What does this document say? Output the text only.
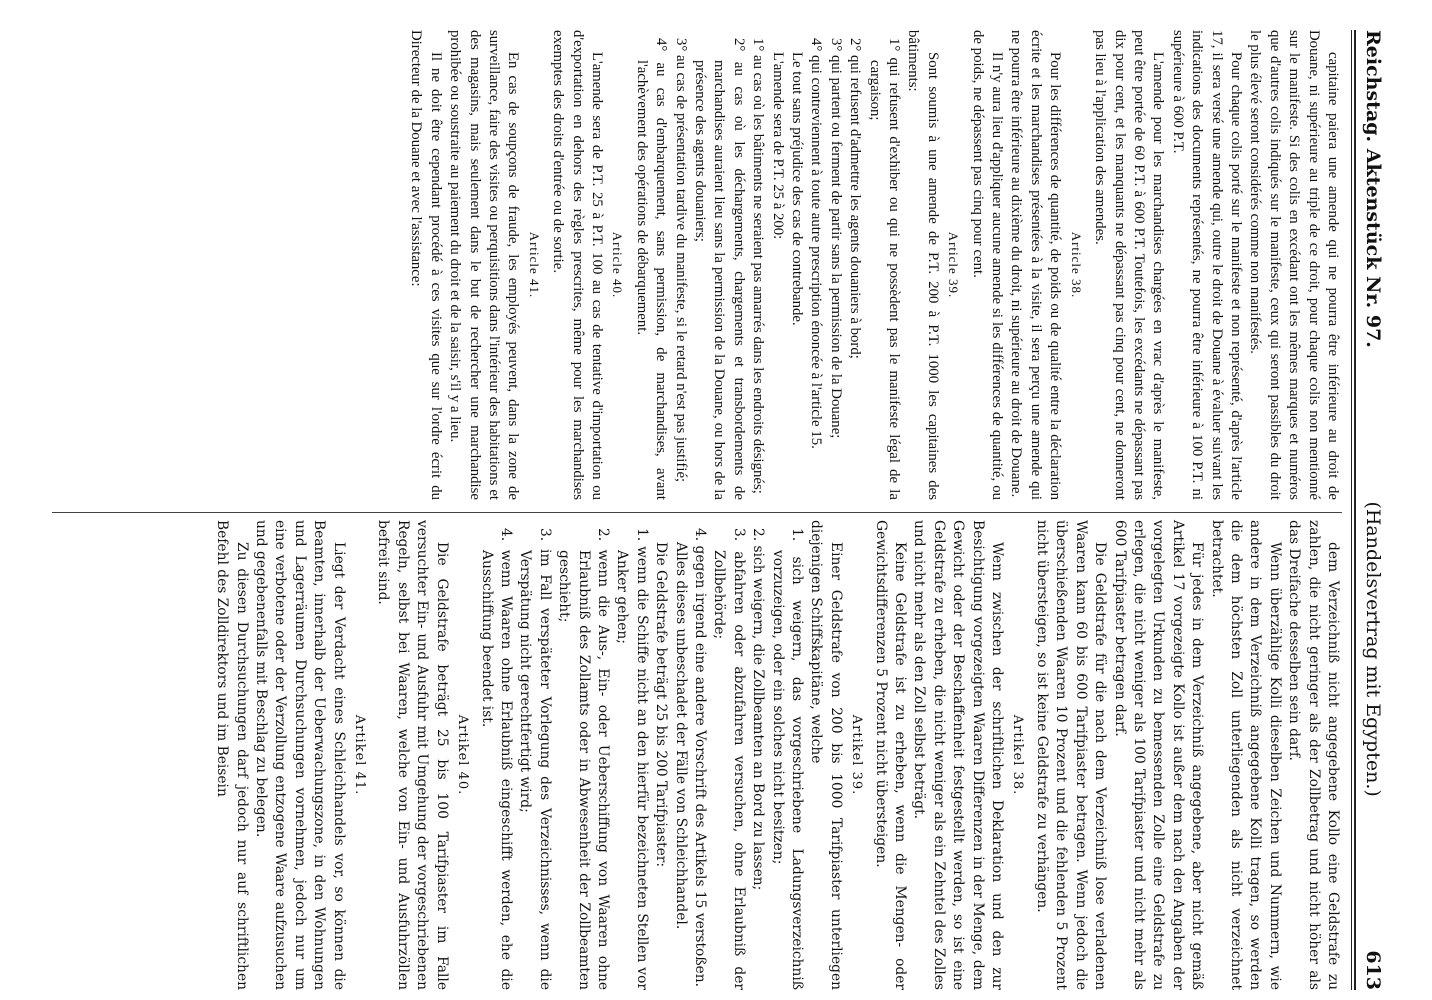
Reichstag. Aktenstück Nr. 97.
(Handelsvertrag mit Egypten.)
613
capitaine paiera une amende qui ne pourra être inférieure au droit de Douane, ni supérieure au triple de ce droit, pour chaque colis non mentionné sur le manifeste. Si des colis en excédant ont les mêmes marques et numéros que d'autres colis indiqués sur le manifeste, ceux qui seront passibles du droit le plus élevé seront considérés comme non manifestés.
Pour chaque colis porté sur le manifeste et non représenté, d'après l'article 17, il sera versé une amende qui, outre le droit de Douane à évaluer suivant les indications des documents représentés, ne pourra être inférieure à 100 P.T. ni supérieure à 600 P.T.
L'amende pour les marchandises chargées en vrac d'après le manifeste, peut être portée de 60 P.T. à 600 P.T. Toutefois, les excédants ne dépassant pas dix pour cent, et les manquants ne dépassant pas cinq pour cent, ne donneront pas lieu à l'application des amendes.
Article 38.
Pour les différences de quantité, de poids ou de qualité entre la déclaration écrite et les marchandises présentées à la visite, il sera perçu une amende qui ne pourra être inférieure au dixième du droit, ni supérieure au droit de Douane.
Il n'y aura lieu d'appliquer aucune amende si les différences de quantité, ou de poids, ne dépassent pas cinq pour cent.
Article 39.
Sont soumis à une amende de P.T. 200 à P.T. 1000 les capitaines des bâtiments:
1° qui refusent d'exhiber ou qui ne possèdent pas le manifeste légal de la cargaison;
2° qui refusent d'admettre les agents douaniers à bord;
3° qui partent ou ferment de partir sans la permission de la Douane;
4° qui contreviennent à toute autre prescription énoncée à l'article 15.
Le tout sans préjudice des cas de contrebande.
L'amende sera de P.T. 25 à 200:
1° au cas où les bâtiments ne seraient pas amarrés dans les endroits désignés;
2° au cas où les déchargements, chargements et transbordements de marchandises auraient lieu sans la permission de la Douane, ou hors de la présence des agents douaniers;
3° au cas de présentation tardive du manifeste, si le retard n'est pas justifié;
4° au cas d'embarquement, sans permission, de marchandises, avant l'achèvement des opérations de débarquement.
Article 40.
L'amende sera de P.T. 25 à P.T. 100 au cas de tentative d'importation ou d'exportation en dehors des règles prescrites, même pour les marchandises exemptes des droits d'entrée ou de sortie.
Article 41.
En cas de soupçons de fraude, les employés peuvent, dans la zone de surveillance, faire des visites ou perquisitions dans l'intérieur des habitations et des magasins, mais seulement dans le but de rechercher une marchandise prohibée ou soustraite au paiement du droit et de la saisir, s'il y a lieu.
Il ne doit être cependant procédé à ces visites que sur l'ordre écrit du Directeur de la Douane et avec l'assistance:
dem Verzeichniß nicht angegebene Kollo eine Geldstrafe zu zahlen, die nicht geringer als der Zollbetrag und nicht höher als das Dreifache desselben sein darf.
Wenn überzählige Kolli dieselben Zeichen und Nummern, wie andere in dem Verzeichniß angegebene Kolli tragen, so werden die dem höchsten Zoll unterliegenden als nicht verzeichnet betrachtet.
Für jedes in dem Verzeichniß angegebene, aber nicht gemäß Artikel 17 vorgezeigte Kollo ist außer dem nach den Angaben der vorgelegten Urkunden zu bemessenden Zolle eine Geldstrafe zu erlegen, die nicht weniger als 100 Tarifpiaster und nicht mehr als 600 Tarifpiaster betragen darf.
Die Geldstrafe für die nach dem Verzeichniß lose verladenen Waaren kann 60 bis 600 Tarifpiaster betragen. Wenn jedoch die überschießenden Waaren 10 Prozent und die fehlenden 5 Prozent nicht übersteigen, so ist keine Geldstrafe zu verhängen.
Artikel 38.
Wenn zwischen der schriftlichen Deklaration und den zur Besichtigung vorgezeigten Waaren Differenzen in der Menge, dem Gewicht oder der Beschaffenheit festgestellt werden, so ist eine Geldstrafe zu erheben, die nicht weniger als ein Zehntel des Zolles und nicht mehr als den Zoll selbst beträgt.
Keine Geldstrafe ist zu erheben, wenn die Mengen- oder Gewichtsdifferenzen 5 Prozent nicht übersteigen.
Artikel 39.
Einer Geldstrafe von 200 bis 1000 Tarifpiaster unterliegen diejenigen Schiffskapitäne, welche
1. sich weigern, das vorgeschriebene Ladungsverzeichniß vorzuzeigen, oder ein solches nicht besitzen;
2. sich weigern, die Zollbeamten an Bord zu lassen;
3. abfahren oder abzufahren versuchen, ohne Erlaubniß der Zollbehörde;
4. gegen irgend eine andere Vorschrift des Artikels 15 verstoßen.
Alles dieses unbeschadet der Fälle von Schleichhandel.
Die Geldstrafe beträgt 25 bis 200 Tarifpiaster:
1. wenn die Schiffe nicht an den hierfür bezeichneten Stellen vor Anker gehen;
2. wenn die Aus-, Ein- oder Ueberschiffung von Waaren ohne Erlaubniß des Zollamts oder in Abwesenheit der Zollbeamten geschieht;
3. im Fall verspäteter Vorlegung des Verzeichnisses, wenn die Verspätung nicht gerechtfertigt wird;
4. wenn Waaren ohne Erlaubniß eingeschifft werden, ehe die Ausschiffung beendet ist.
Artikel 40.
Die Geldstrafe beträgt 25 bis 100 Tarifpiaster im Falle versuchter Ein- und Ausfuhr mit Umgehung der vorgeschriebenen Regeln, selbst bei Waaren, welche von Ein- und Ausfuhrzöllen befreit sind.
Artikel 41.
Liegt der Verdacht eines Schleichhandels vor, so können die Beamten, innerhalb der Ueberwachungszone, in den Wohnungen und Lagerräumen Durchsuchungen vornehmen, jedoch nur um eine verbotene oder der Verzollung entzogene Waare aufzusuchen und gegebenenfalls mit Beschlag zu belegen.
Zu diesen Durchsuchungen darf jedoch nur auf schriftlichen Befehl des Zolldirektors und im Beisein
